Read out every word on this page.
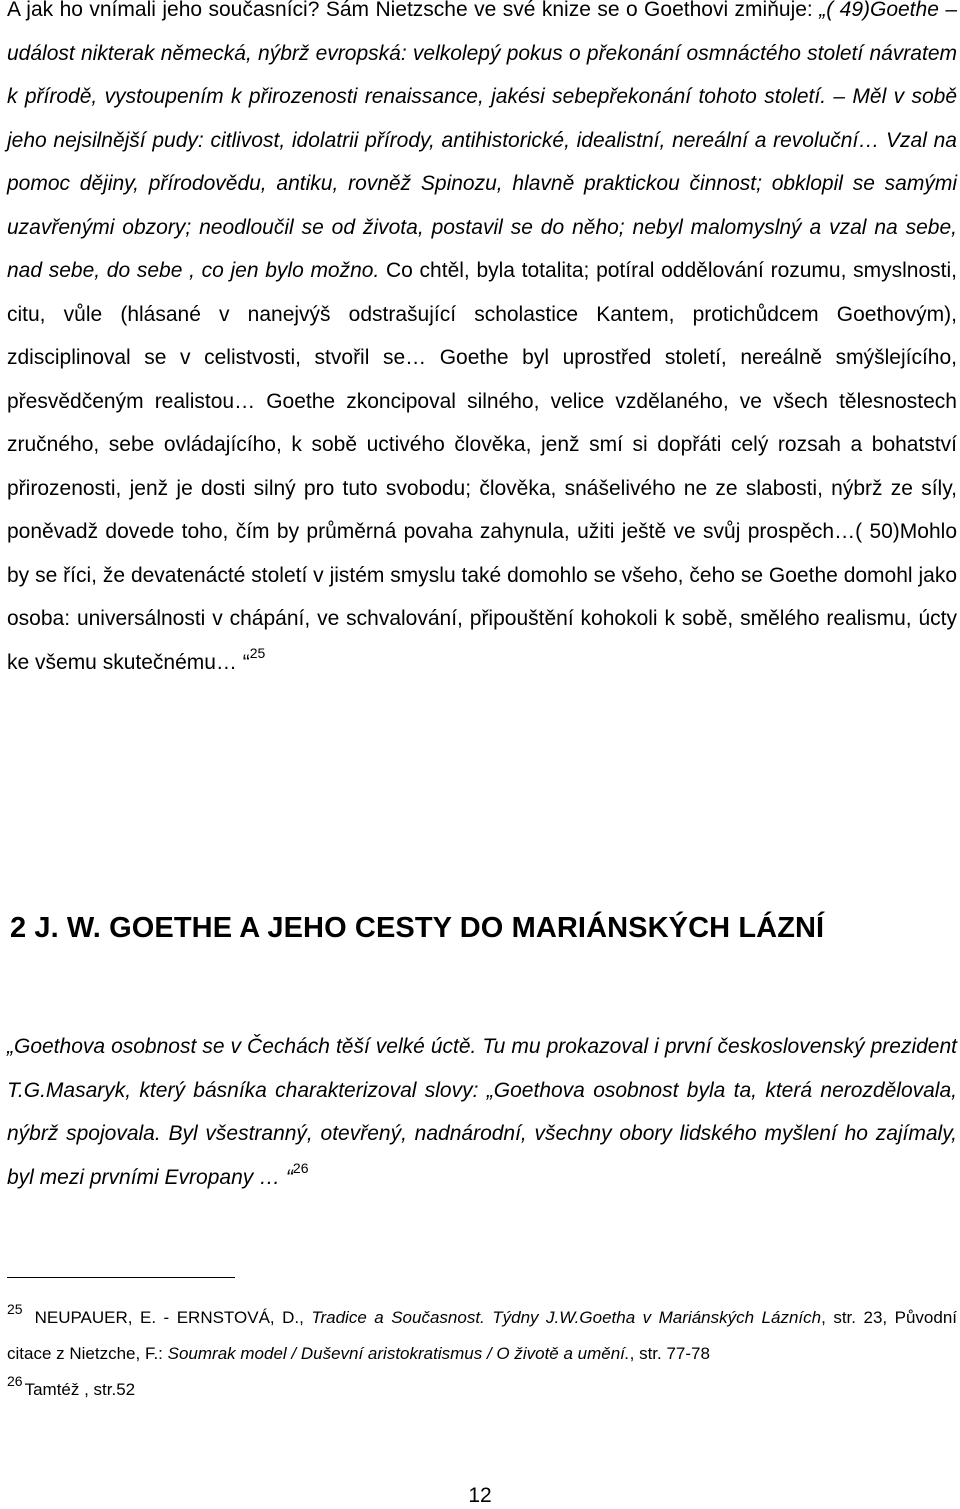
A jak ho vnímali jeho současníci? Sám Nietzsche ve své knize se o Goethovi zmiňuje: „( 49)Goethe – událost nikterak německá, nýbrž evropská: velkolepý pokus o překonání osmnáctého století návratem k přírodě, vystoupením k přirozenosti renaissance, jakési sebepřekonání tohoto století. – Měl v sobě jeho nejsilnější pudy: citlivost, idolatrii přírody, antihistorické, idealistní, nereální a revoluční… Vzal na pomoc dějiny, přírodovědu, antiku, rovněž Spinozu, hlavně praktickou činnost; obklopil se samými uzavřenými obzory; neodloučil se od života, postavil se do něho; nebyl malomyslný a vzal na sebe, nad sebe, do sebe , co jen bylo možno. Co chtěl, byla totalita; potíral oddělování rozumu, smyslnosti, citu, vůle (hlásané v nanejvýš odstrašující scholastice Kantem, protichůdcem Goethovým), zdisciplinoval se v celistvosti, stvořil se… Goethe byl uprostřed století, nereálně smýšlejícího, přesvědčeným realistou… Goethe zkoncipoval silného, velice vzdělaného, ve všech tělesnostech zručného, sebe ovládajícího, k sobě uctivého člověka, jenž smí si dopřáti celý rozsah a bohatství přirozenosti, jenž je dosti silný pro tuto svobodu; člověka, snášelivého ne ze slabosti, nýbrž ze síly, poněvadž dovede toho, čím by průměrná povaha zahynula, užiti ještě ve svůj prospěch…( 50)Mohlo by se říci, že devatenácté století v jistém smyslu také domohlo se všeho, čeho se Goethe domohl jako osoba: universálnosti v chápání, ve schvalování, připouštění kohokoli k sobě, smělého realismu, úcty ke všemu skutečnému… “$^{25}$

2 J. W. GOETHE A JEHO CESTY DO MARIÁNSKÝCH LÁZNÍ

„Goethova osobnost se v Čechách těší velké úctě. Tu mu prokazoval i první československý prezident T.G.Masaryk, který básníka charakterizoval slovy: „Goethova osobnost byla ta, která nerozdělovala, nýbrž spojovala. Byl všestranný, otevřený, nadnárodní, všechny obory lidského myšlení ho zajímaly, byl mezi prvními Evropany … “$^{26}$

$^{25}$ NEUPAUER, E. - ERNSTOVÁ, D., Tradice a Současnost. Týdny J.W.Goetha v Mariánských Lázních, str. 23, Původní citace z Nietzche, F.: Soumrak model / Duševní aristokratismus / O životě a umění., str. 77-78

$^{26}$ Tamtéž , str.52

12
